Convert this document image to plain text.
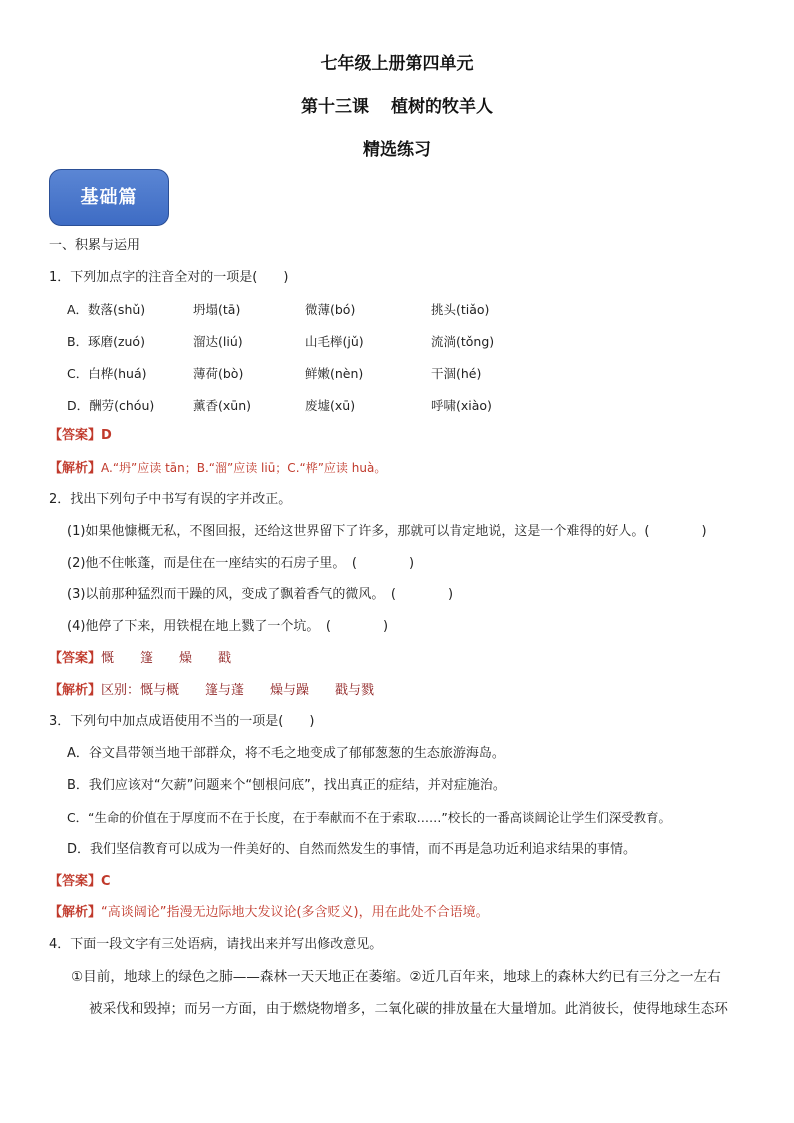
七年级上册第四单元
第十三课 植树的牧羊人
精选练习
基础篇
一、积累与运用
1．下列加点字的注音全对的一项是(　　)
A．数落(shǔ)	坍塌(tā)	微薄(bó)	挑头(tiǎo)
B．琢磨(zuó)	溜达(liú)	山毛榉(jǔ)	流淌(tǒng)
C．白桦(huá)	薄荷(bò)	鲜嫩(nèn)	干涸(hé)
D．酬劳(chóu)	薰香(xūn)	废墟(xū)	呼啸(xiào)
【答案】D
【解析】A.“坍”应读 tān；B.“溜”应读 liū；C.“桦”应读 huà。
2．找出下列句子中书写有误的字并改正。
(1)如果他慷概无私，不图回报，还给这世界留下了许多，那就可以肯定地说，这是一个难得的好人。(　　　　)
(2)他不住帐蓬，而是住在一座结实的石房子里。　(　　　　)
(3)以前那种猛烈而干躁的风，变成了飘着香气的微风。　(　　　　)
(4)他停了下来，用铁棍在地上戮了一个坑。　(　　　　)
【答案】慨　　篷　　燥　　戳
【解析】区别：慨与概　　篷与蓬　　燥与躁　　戳与戮
3．下列句中加点成语使用不当的一项是(　　)
A．谷文昌带领当地干部群众，将不毛之地变成了郁郁葱葱的生态旅游海岛。
B．我们应该对“欠薪”问题来个“刨根问底”，找出真正的症结，并对症施治。
C．“生命的价值在于厚度而不在于长度，在于奉献而不在于索取……”校长的一番高谈阔论让学生们深受教育。
D．我们坚信教育可以成为一件美好的、自然而然发生的事情，而不再是急功近利追求结果的事情。
【答案】C
【解析】“高谈阔论”指漫无边际地大发议论(多含贬义)，用在此处不合语境。
4．下面一段文字有三处语病，请找出来并写出修改意见。
①目前，地球上的绿色之肺——森林一天天地正在萎缩。②近几百年来，地球上的森林大约已有三分之一左右
被采伐和毁掉；而另一方面，由于燃烧物增多，二氧化碳的排放量在大量增加。此消彼长，使得地球生态环
